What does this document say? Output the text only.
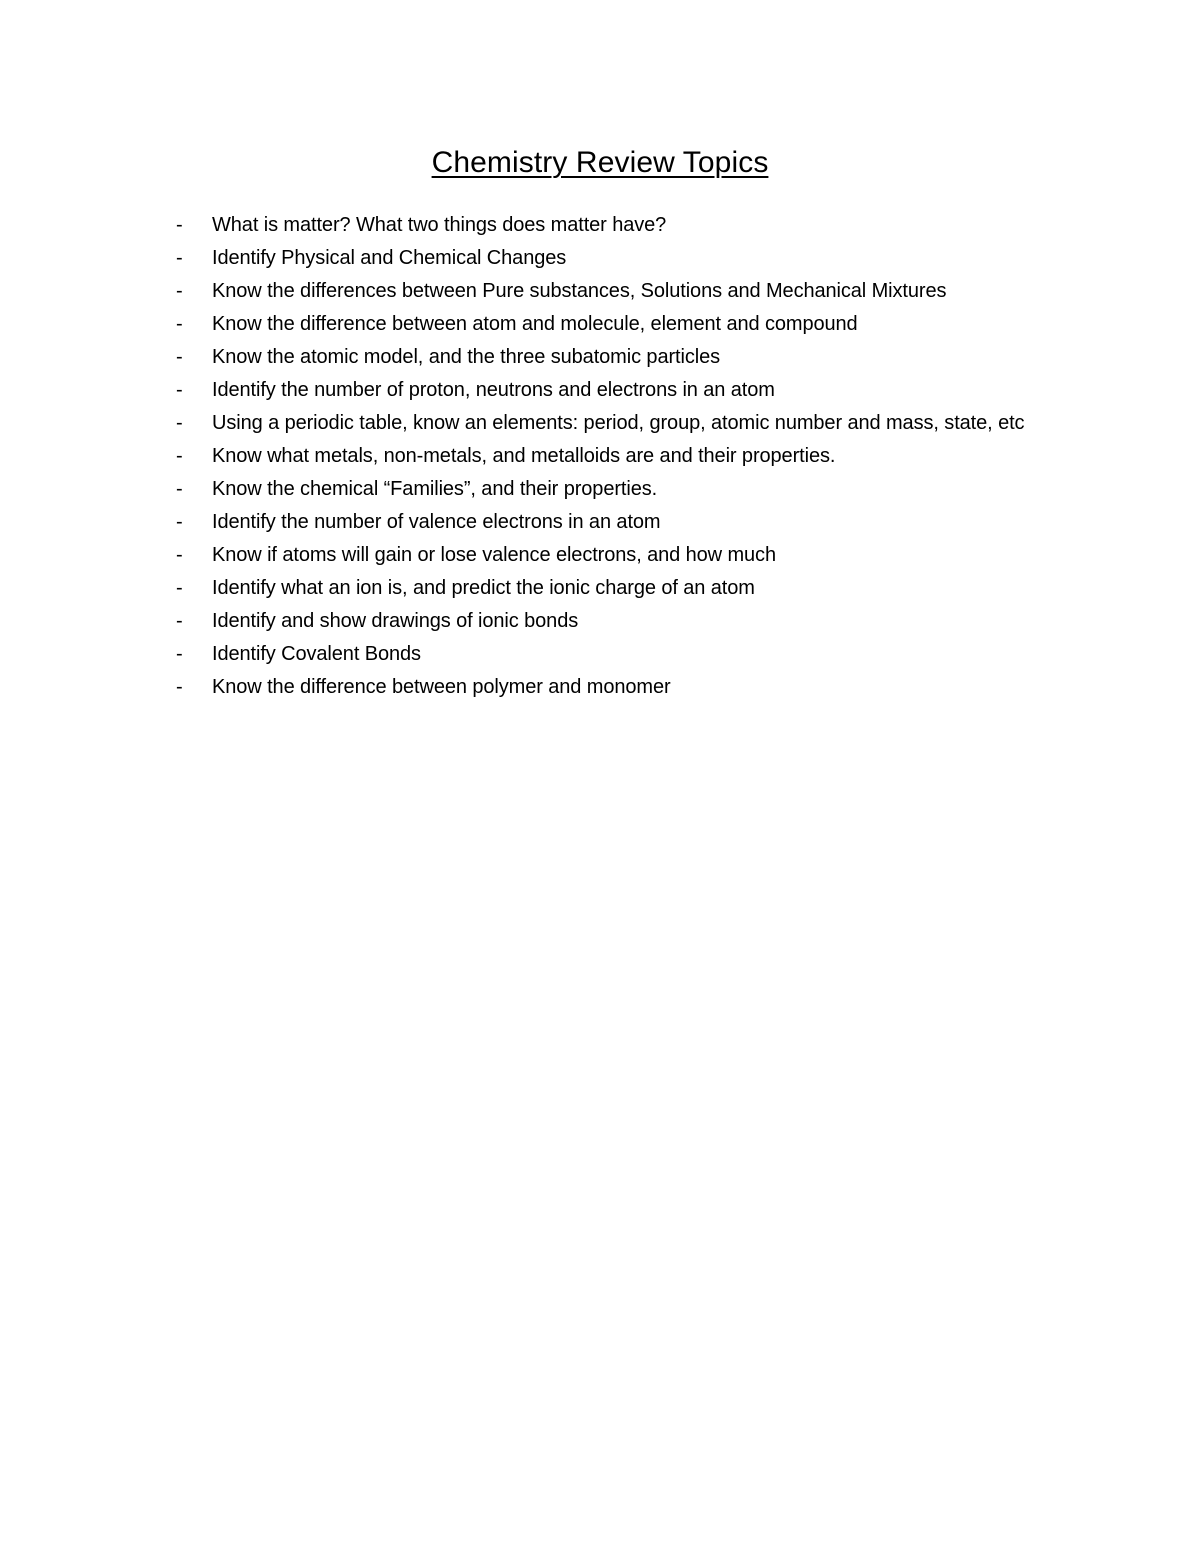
Chemistry Review Topics
-	What is matter? What two things does matter have?
-	Identify Physical and Chemical Changes
-	Know the differences between Pure substances, Solutions and Mechanical Mixtures
-	Know the difference between atom and molecule, element and compound
-	Know the atomic model, and the three subatomic particles
-	Identify the number of proton, neutrons and electrons in an atom
-	Using a periodic table, know an elements: period, group, atomic number and mass, state, etc
-	Know what metals, non-metals, and metalloids are and their properties.
-	Know the chemical “Families”, and their properties.
-	Identify the number of valence electrons in an atom
-	Know if atoms will gain or lose valence electrons, and how much
-	Identify what an ion is, and predict the ionic charge of an atom
-	Identify and show drawings of ionic bonds
-	Identify Covalent Bonds
-	Know the difference between polymer and monomer
